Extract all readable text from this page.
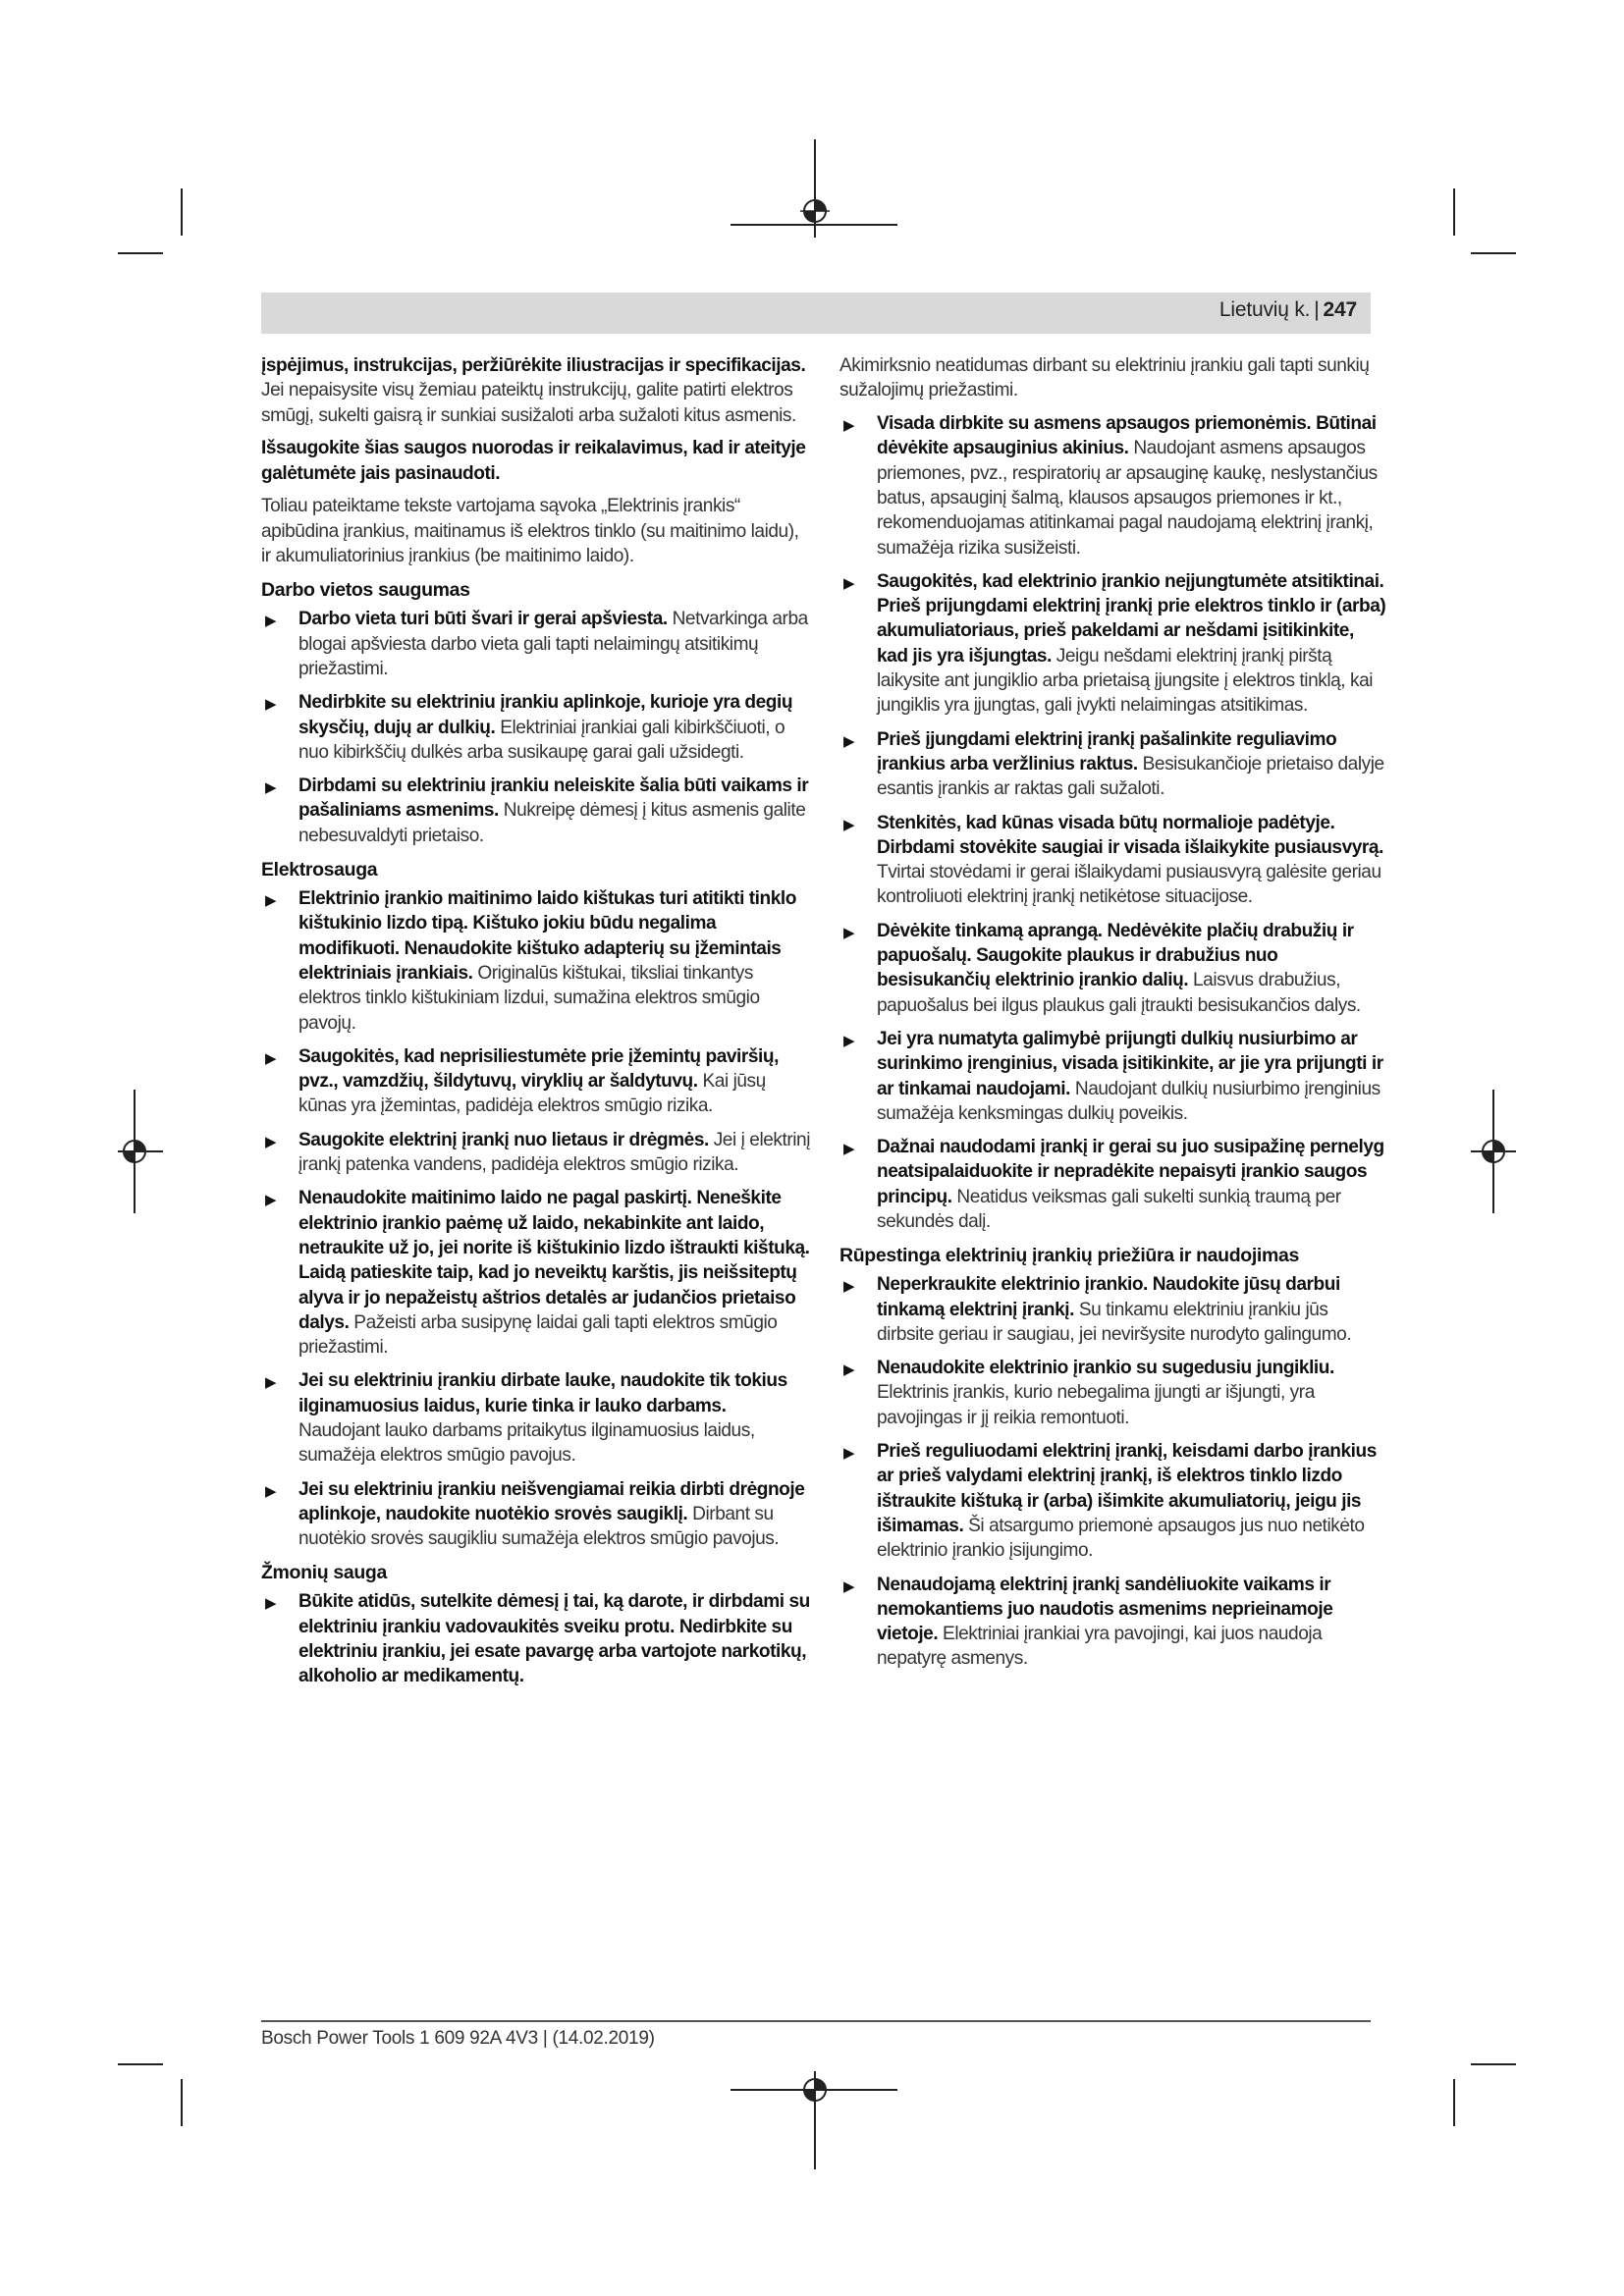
Lietuvių k. | 247

įspėjimus, instrukcijas, peržiūrėkite iliustracijas ir specifikacijas. Jei nepaisysite visų žemiau pateiktų instrukcijų, galite patirti elektros smūgį, sukelti gaisrą ir sunkiai susižaloti arba sužaloti kitus asmenis.

Išsaugokite šias saugos nuorodas ir reikalavimus, kad ir ateityje galėtumėte jais pasinaudoti.

Toliau pateiktame tekste vartojama sąvoka „Elektrinis įrankis“ apibūdina įrankius, maitinamus iš elektros tinklo (su maitinimo laidu), ir akumuliatorinius įrankius (be maitinimo laido).

Darbo vietos saugumas
▶ Darbo vieta turi būti švari ir gerai apšviesta. Netvarkinga arba blogai apšviesta darbo vieta gali tapti nelaimingų atsitikimų priežastimi.
▶ Nedirbkite su elektriniu įrankiu aplinkoje, kurioje yra degių skysčių, dujų ar dulkių. Elektriniai įrankiai gali kibirkščiuoti, o nuo kibirkščių dulkės arba susikaupę garai gali užsidegti.
▶ Dirbdami su elektriniu įrankiu neleiskite šalia būti vaikams ir pašaliniams asmenims. Nukreipę dėmesį į kitus asmenis galite nebesuvaldyti prietaiso.
Elektrosauga
▶ Elektrinio įrankio maitinimo laido kištukas turi atitikti tinklo kištukinio lizdo tipą. Kištuko jokiu būdu negalima modifikuoti. Nenaudokite kištuko adapterių su įžemintais elektriniais įrankiais. Originalūs kištukai, tiksliai tinkantys elektros tinklo kištukiniam lizdui, sumažina elektros smūgio pavojų.
▶ Saugokitės, kad neprisiliestumėte prie įžemintų paviršių, pvz., vamzdžių, šildytuvų, viryklių ar šaldytuvų. Kai jūsų kūnas yra įžemintas, padidėja elektros smūgio rizika.
▶ Saugokite elektrinį įrankį nuo lietaus ir drėgmės. Jei į elektrinį įrankį patenka vandens, padidėja elektros smūgio rizika.
▶ Nenaudokite maitinimo laido ne pagal paskirtį. Neneškite elektrinio įrankio paėmę už laido, nekabinkite ant laido, netraukite už jo, jei norite iš kištukinio lizdo ištraukti kištuką. Laidą patieskite taip, kad jo neveiktų karštis, jis neišsiteptų alyva ir jo nepažeistų aštrios detalės ar judančios prietaiso dalys. Pažeisti arba susipynę laidai gali tapti elektros smūgio priežastimi.
▶ Jei su elektriniu įrankiu dirbate lauke, naudokite tik tokius ilginamuosius laidus, kurie tinka ir lauko darbams. Naudojant lauko darbams pritaikytus ilginamuosius laidus, sumažėja elektros smūgio pavojus.
▶ Jei su elektriniu įrankiu neišvengiamai reikia dirbti drėgnoje aplinkoje, naudokite nuotėkio srovės saugiklį. Dirbant su nuotėkio srovės saugikliu sumažėja elektros smūgio pavojus.
Žmonių sauga
▶ Būkite atidūs, sutelkite dėmesį į tai, ką darote, ir dirbdami su elektriniu įrankiu vadovaukitės sveiku protu. Nedirbkite su elektriniu įrankiu, jei esate pavargę arba vartojote narkotikų, alkoholio ar medikamentų.

Akimirksnio neatidumas dirbant su elektriniu įrankiu gali tapti sunkių sužalojimų priežastimi.

▶ Visada dirbkite su asmens apsaugos priemonėmis. Būtinai dėvėkite apsauginius akinius. Naudojant asmens apsaugos priemones, pvz., respiratorių ar apsauginę kaukę, neslystančius batus, apsauginį šalmą, klausos apsaugos priemones ir kt., rekomenduojamas atitinkamai pagal naudojamą elektrinį įrankį, sumažėja rizika susižeisti.
▶ Saugokitės, kad elektrinio įrankio neįjungtumėte atsitiktinai. Prieš prijungdami elektrinį įrankį prie elektros tinklo ir (arba) akumuliatoriaus, prieš pakeldami ar nešdami įsitikinkite, kad jis yra išjungtas. Jeigu nešdami elektrinį įrankį pirštą laikysite ant jungiklio arba prietaisą įjungsite į elektros tinklą, kai jungiklis yra įjungtas, gali įvykti nelaimingas atsitikimas.
▶ Prieš įjungdami elektrinį įrankį pašalinkite reguliavimo įrankius arba veržlinius raktus. Besisukančioje prietaiso dalyje esantis įrankis ar raktas gali sužaloti.
▶ Stenkitės, kad kūnas visada būtų normalioje padėtyje. Dirbdami stovėkite saugiai ir visada išlaikykite pusiausvyrą. Tvirtai stovėdami ir gerai išlaikydami pusiausvyrą galėsite geriau kontroliuoti elektrinį įrankį netikėtose situacijose.
▶ Dėvėkite tinkamą aprangą. Nedėvėkite plačių drabužių ir papuošalų. Saugokite plaukus ir drabužius nuo besisukančių elektrinio įrankio dalių. Laisvus drabužius, papuošalus bei ilgus plaukus gali įtraukti besisukančios dalys.
▶ Jei yra numatyta galimybė prijungti dulkių nusiurbimo ar surinkimo įrenginius, visada įsitikinkite, ar jie yra prijungti ir ar tinkamai naudojami. Naudojant dulkių nusiurbimo įrenginius sumažėja kenksmingas dulkių poveikis.
▶ Dažnai naudodami įrankį ir gerai su juo susipažinę pernelyg neatsipalaiduokite ir nepradėkite nepaisyti įrankio saugos principų. Neatidus veiksmas gali sukelti sunkią traumą per sekundės dalį.
Rūpestinga elektrinių įrankių priežiūra ir naudojimas
▶ Neperkraukite elektrinio įrankio. Naudokite jūsų darbui tinkamą elektrinį įrankį. Su tinkamu elektriniu įrankiu jūs dirbsite geriau ir saugiau, jei neviršysite nurodyto galingumo.
▶ Nenaudokite elektrinio įrankio su sugedusiu jungikliu. Elektrinis įrankis, kurio nebegalima įjungti ar išjungti, yra pavojingas ir jį reikia remontuoti.
▶ Prieš reguliuodami elektrinį įrankį, keisdami darbo įrankius ar prieš valydami elektrinį įrankį, iš elektros tinklo lizdo ištraukite kištuką ir (arba) išimkite akumuliatorių, jeigu jis išimamas. Ši atsargumo priemonė apsaugos jus nuo netikėto elektrinio įrankio įsijungimo.
▶ Nenaudojamą elektrinį įrankį sandėliuokite vaikams ir nemokantiems juo naudotis asmenims neprieinamoje vietoje. Elektriniai įrankiai yra pavojingi, kai juos naudoja nepatyrę asmenys.
Bosch Power Tools 1 609 92A 4V3 | (14.02.2019)
